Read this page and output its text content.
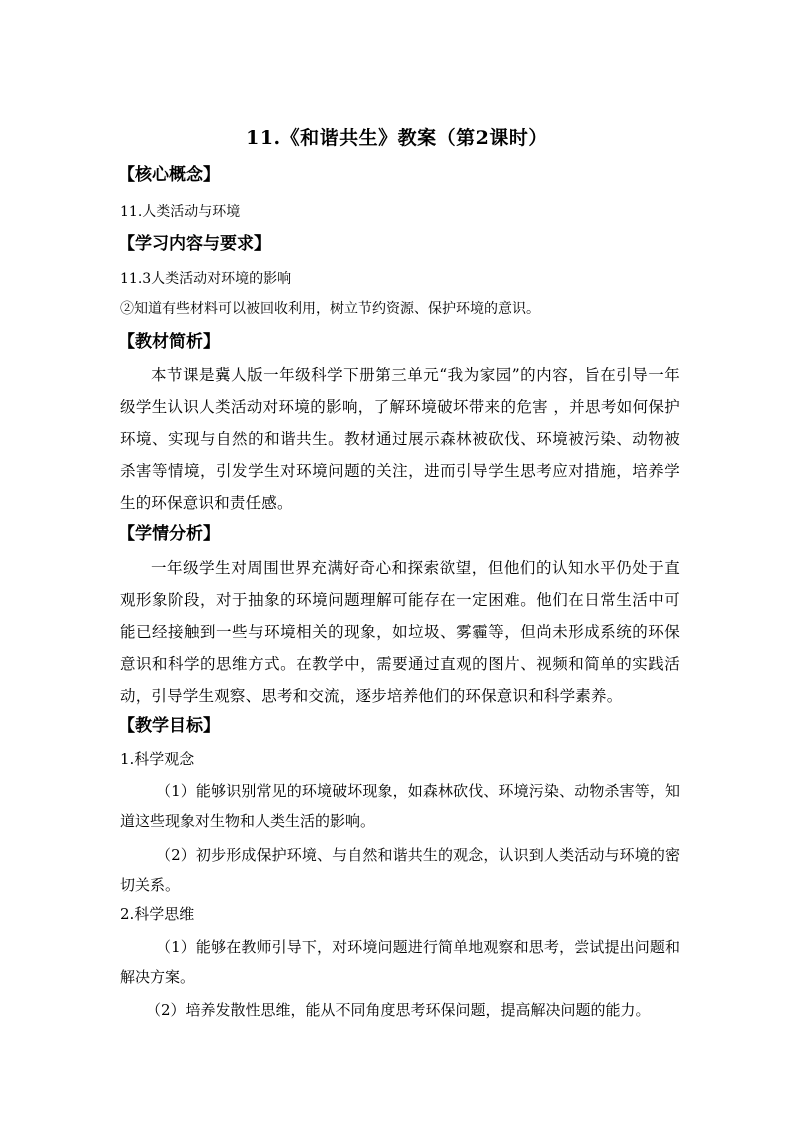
11.《和谐共生》教案（第2课时）
【核心概念】
11.人类活动与环境
【学习内容与要求】
11.3人类活动对环境的影响
②知道有些材料可以被回收利用，树立节约资源、保护环境的意识。
【教材简析】
本节课是冀人版一年级科学下册第三单元“我为家园”的内容，旨在引导一年级学生认识人类活动对环境的影响，了解环境破坏带来的危害 ，并思考如何保护环境、实现与自然的和谐共生。教材通过展示森林被砍伐、环境被污染、动物被杀害等情境，引发学生对环境问题的关注，进而引导学生思考应对措施，培养学生的环保意识和责任感。
【学情分析】
一年级学生对周围世界充满好奇心和探索欲望，但他们的认知水平仍处于直观形象阶段，对于抽象的环境问题理解可能存在一定困难。他们在日常生活中可能已经接触到一些与环境相关的现象，如垃圾、雾霾等，但尚未形成系统的环保意识和科学的思维方式。在教学中，需要通过直观的图片、视频和简单的实践活动，引导学生观察、思考和交流，逐步培养他们的环保意识和科学素养。
【教学目标】
1.科学观念
（1）能够识别常见的环境破坏现象，如森林砍伐、环境污染、动物杀害等，知道这些现象对生物和人类生活的影响。
（2）初步形成保护环境、与自然和谐共生的观念，认识到人类活动与环境的密切关系。
2.科学思维
（1）能够在教师引导下，对环境问题进行简单地观察和思考，尝试提出问题和解决方案。
（2）培养发散性思维，能从不同角度思考环保问题，提高解决问题的能力。
